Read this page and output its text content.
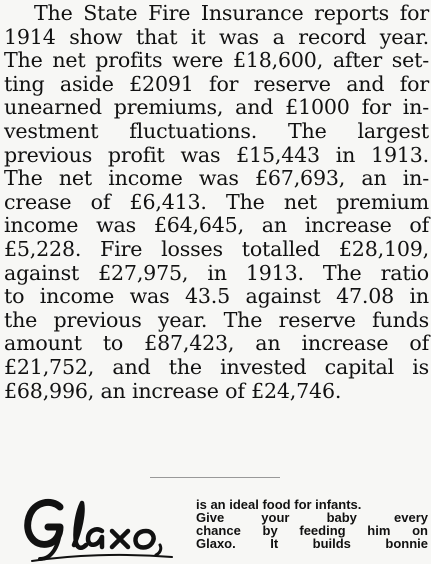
The State Fire Insurance reports for
1914 show that it was a record year.
The net profits were £18,600, after set-
ting aside £2091 for reserve and for
unearned premiums, and £1000 for in-
vestment fluctuations. The largest
previous profit was £15,443 in 1913.
The net income was £67,693, an in-
crease of £6,413. The net premium
income was £64,645, an increase of
£5,228. Fire losses totalled £28,109,
against £27,975, in 1913. The ratio
to income was 43.5 against 47.08 in
the previous year. The reserve funds
amount to £87,423, an increase of
£21,752, and the invested capital is
£68,996, an increase of £24,746.
Glaxo
is an ideal food for infants.
Give your baby every
chance by feeding him on
Glaxo. It builds bonnie
